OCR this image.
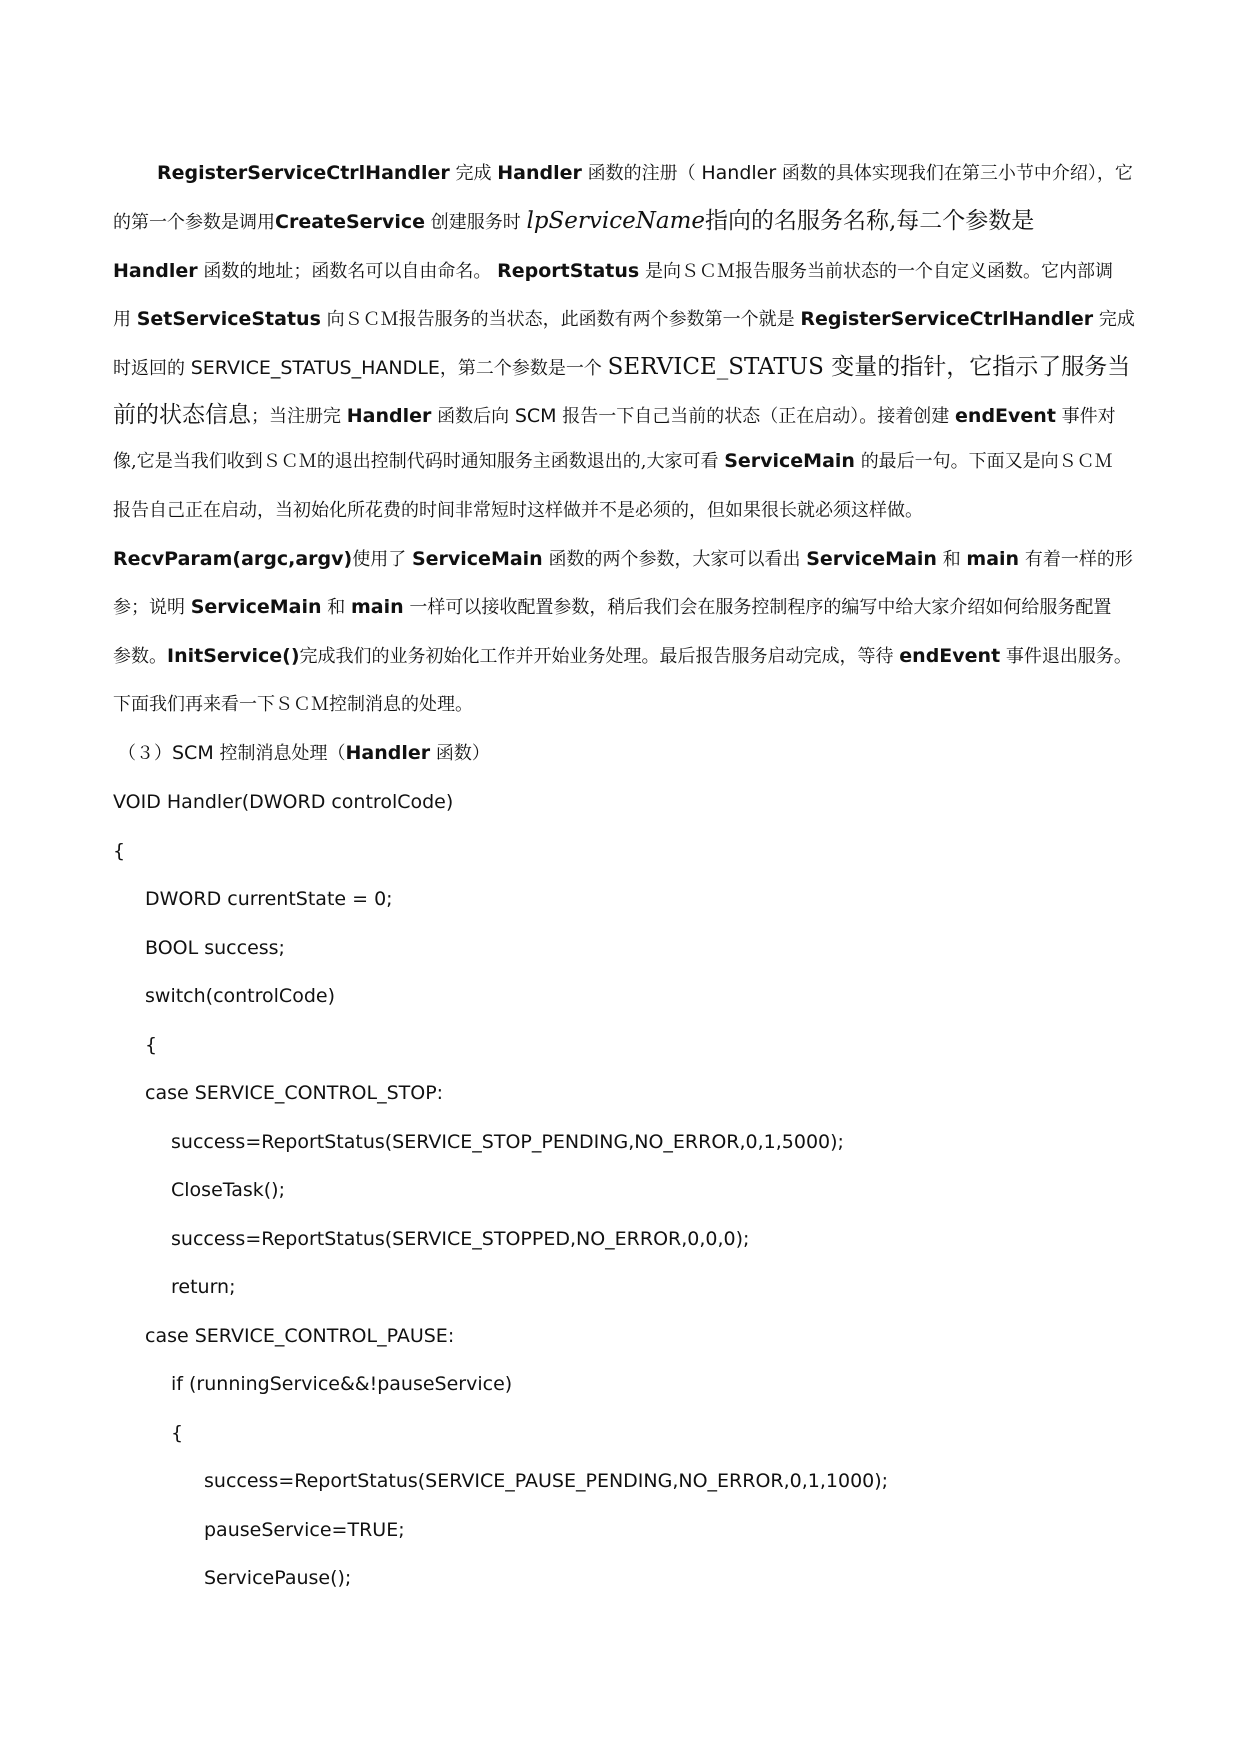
RegisterServiceCtrlHandler 完成 Handler 函数的注册（ Handler 函数的具体实现我们在第三小节中介绍），它
的第一个参数是调用CreateService 创建服务时 lpServiceName指向的名服务名称,每二个参数是
Handler 函数的地址；函数名可以自由命名。 ReportStatus 是向ＳＣＭ报告服务当前状态的一个自定义函数。它内部调
用 SetServiceStatus 向ＳＣＭ报告服务的当状态，此函数有两个参数第一个就是 RegisterServiceCtrlHandler 完成
时返回的 SERVICE_STATUS_HANDLE，第二个参数是一个 SERVICE_STATUS 变量的指针，它指示了服务当
前的状态信息；当注册完 Handler 函数后向 SCM 报告一下自己当前的状态（正在启动）。接着创建 endEvent 事件对
像,它是当我们收到ＳＣＭ的退出控制代码时通知服务主函数退出的,大家可看 ServiceMain 的最后一句。下面又是向ＳＣＭ
报告自己正在启动，当初始化所花费的时间非常短时这样做并不是必须的，但如果很长就必须这样做。
RecvParam(argc,argv)使用了 ServiceMain 函数的两个参数，大家可以看出 ServiceMain 和 main 有着一样的形
参；说明 ServiceMain 和 main 一样可以接收配置参数，稍后我们会在服务控制程序的编写中给大家介绍如何给服务配置
参数。InitService()完成我们的业务初始化工作并开始业务处理。最后报告服务启动完成，等待 endEvent 事件退出服务。
下面我们再来看一下ＳＣＭ控制消息的处理。
（３）SCM 控制消息处理（Handler 函数）
VOID Handler(DWORD controlCode)
{
DWORD currentState = 0;
BOOL success;
switch(controlCode)
{
case SERVICE_CONTROL_STOP:
success=ReportStatus(SERVICE_STOP_PENDING,NO_ERROR,0,1,5000);
CloseTask();
success=ReportStatus(SERVICE_STOPPED,NO_ERROR,0,0,0);
return;
case SERVICE_CONTROL_PAUSE:
if (runningService&&!pauseService)
{
success=ReportStatus(SERVICE_PAUSE_PENDING,NO_ERROR,0,1,1000);
pauseService=TRUE;
ServicePause();
